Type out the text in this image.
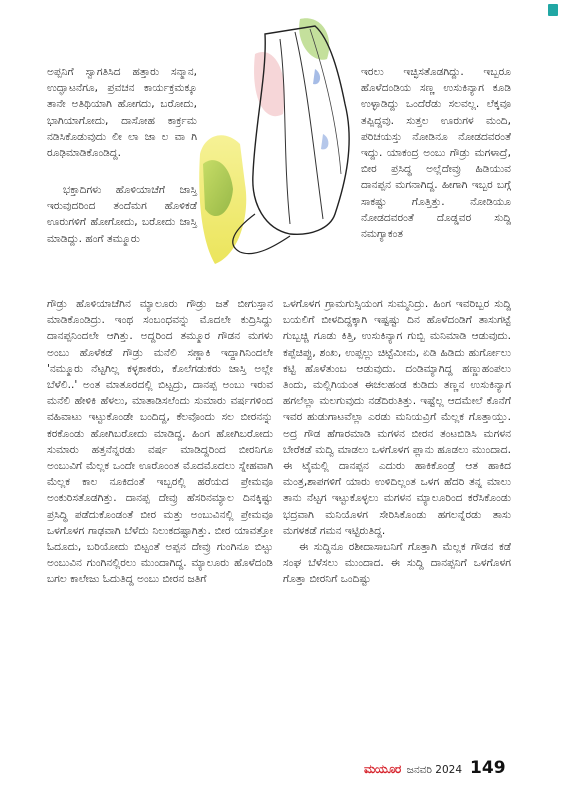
ಅಪ್ಪನಿಗೆ ಸ್ವಾಗತಿಸಿದ ಹತ್ತಾರು ಸನ್ಮಾನ, ಉದ್ಘಾಟನೆಗೂ, ಪ್ರವಚನ ಕಾರ್ಯಕ್ರಮಕ್ಕೂ ತಾನೇ ಅತಿಥಿಯಾಗಿ ಹೋಗದು, ಬರೋದು, ಭಾಗಿಯಾಗೋದು, ದಾಸೋಹ ಕಾರ್ಕ್ರಮ ನಡಿಸಿಕೊಡುವುದು ಲೀ ಲಾ ಜಾ ಲ ವಾ ಗಿ ರೂಢಿಮಾಡಿಕೊಂಡಿದ್ದ.

ಭಕ್ತಾದಿಗಳು ಹೊಳಿಯಾಚೆಗೆ ಜಾಸ್ತಿ ಇರುವುದರಿಂದ ತಂದೆಮಗ ಹೊಳಿಕಡೆ ಊರುಗಳಿಗೆ ಹೋಗೋದು, ಬರೋದು ಜಾಸ್ತಿ ಮಾಡಿದ್ದು. ಹಂಗೆ ತಮ್ಮೂರು

ಇರಲು ಇಚ್ಛಿಸತೊಡಗಿದ್ದು. ಇಬ್ಬರೂ ಹೊಳೆದಂಡಿಯ ಸಣ್ಣ ಉಸುಕಿನ್ಯಾಗ ಕೂಡಿ ಉಳ್ಳಾಡಿದ್ದು ಒಂದೆರೆಡು ಸಲವಲ್ಲ. ಲೆಕ್ಕವೂ ತಪ್ಪಿದ್ದವು. ಸುತ್ತಲ ಊರುಗಳ ಮಂದಿ, ಪರಿಚಯಸ್ತು ನೋಡಿನೂ ನೋಡದವರಂತೆ ಇದ್ದು. ಯಾಕಂದ್ರ ಅಂಬು ಗೌಡ್ರು ಮಗಳಾದ್ರೆ, ಬೀರ ಪ್ರಸಿದ್ಧ ಅಲ್ಲೆದೇವ್ರು ಹಿಡಿಯುವ ದಾನಪ್ಪನ ಮಗನಾಗಿದ್ದ. ಹೀಗಾಗಿ ಇಬ್ಬರ ಬಗ್ಗೆ ಸಾಕಷ್ಟು ಗೊತ್ತಿತ್ತು. ನೋಡಿಯೂ ನೋಡದವರಂತೆ ದೊಡ್ಡವರ ಸುದ್ದಿ ನಮಗ್ಯಾಕಂತ

ಗೌಡ್ರು ಹೊಳಿಯಾಚೆಗಿನ ಮ್ಯಾಲೂರು ಗೌಡ್ರು ಜತೆ ಬೀಗುಸ್ತಾನ ಮಾಡಿಕೊಂಡಿದ್ರು. ಇಂಥ ಸಂಬಂಧವನ್ನು ಮೊದಲೇ ಕುದ್ರಿಸಿದ್ದು ದಾನಪ್ಪನಿಂದಲೇ ಆಗಿತ್ತು. ಅದ್ದರಿಂದ ತಮ್ಮೂರ ಗೌಡನ ಮಗಳು ಅಂಬು ಹೊಳೆಕಡೆ ಗೌಡ್ರು ಮನೆಲಿ ಸಣ್ಣಾಕಿ ಇದ್ದಾಗಿನಿಂದಲೇ 'ನಮ್ಮೂರು ನೆಟ್ಟಗಿಲ್ಲ ಕಳ್ಳಕಾಕರು, ಕೊಲೆಗಡುಕರು ಜಾಸ್ತಿ ಅಲ್ಲೇ ಬೆಳೆಲಿ..' ಅಂತ ಮಾತೂರದಲ್ಲಿ ಬಿಟ್ಟದ್ರು, ದಾನಪ್ಪ ಅಂಬು ಇರುವ ಮನೆಲಿ ಹೇಳಿಕಿ ಹೆಳಲು, ಮಾತಾಡಿಸಲೆಂದು ಸುಮಾರು ವರ್ಷಗಳಿಂದ ವಹಿವಾಟು ಇಟ್ಟುಕೊಂಡೇ ಬಂದಿದ್ದ, ಕೆಲವೊಂದು ಸಲ ಬೀರನನ್ನು ಕರಕೊಂಡು ಹೋಗಿಬರೋದು ಮಾಡಿದ್ದ. ಹಿಂಗ ಹೋಗಿಬರೋದು ಸುಮಾರು ಹತ್ತನೆನ್ನರಡು ವರ್ಷ ಮಾಡಿದ್ದರಿಂದ ಬೀರನಿಗೂ ಅಂಬುವಿಗೆ ಮೆಲ್ಲಕ ಒಂದೇ ಊರೊಂಂತ ಮೊದಮೊದಲು ಸ್ನೇಹವಾಗಿ ಮೆಲ್ಲಕ ಕಾಲ ನೂಕಿದಂತೆ ಇಬ್ಬರಲ್ಲಿ ಹರೆಯದ ಪ್ರೇಮವೂ ಅಂಕುರಿಸತೊಡಗಿತ್ತು. ದಾನಪ್ಪ ದೇವ್ರು ಹೆಸರಿನಮ್ಯಾಲ ದಿನಕ್ಕಿಷ್ಟು ಪ್ರಸಿದ್ಧಿ ಪಡೆದುಕೊಂಡಂತೆ ಬೀರ ಮತ್ತು ಅಂಬುವಿನಲ್ಲಿ ಪ್ರೇಮವೂ ಒಳಗೊಳಗ ಗಾಢವಾಗಿ ಬೆಳೆದು ನಿಲುಕದಷ್ಟಾಗಿತ್ತು. ಬೀರ ಯಾವತ್ತೋ ಓದೂದು, ಬರಿಯೋದು ಬಿಟ್ಟಂತೆ ಅಪ್ಪನ ದೇವ್ರು ಗುಂಗಿನೂ ಬಿಟ್ಟು ಅಂಬುವಿನ ಗುಂಗಿನಲ್ಲಿರಲು ಮುಂದಾಗಿದ್ದ. ಮ್ಯಾಲೂರು ಹೊಳೆದಂಡಿ ಬಗಲ ಕಾಲೇಜು ಓದುತಿದ್ದ ಅಂಬು ಬೀರನ ಜತಿಗೆ

ಒಳಗೊಳಗ ಗ್ರಾಮಗುಸ್ಸಿಯಂಗ ಸುಮ್ಮನಿದ್ರು. ಹಿಂಗ ಇವರಿಬ್ಬರ ಸುದ್ದಿ ಬಯಲಿಗೆ ಬೀಳದಿದ್ದಕ್ಕಾಗಿ ಇಷ್ಟಷ್ಟು ದಿನ ಹೊಳೆದಂಡಿಗೆ ತಾಸುಗಟ್ಟೆ ಗುಬ್ಬಚ್ಚಿ ಗೂಡು ಕಿತ್ತಿ, ಉಸುಕಿನ್ಯಾಗ ಗುಬ್ಬಿ ಮನಿಮಾಡಿ ಆಡುವುದು. ಕಪ್ಪೆಚಿಪ್ಪು, ಶಂಖ, ಉಪ್ಪಲ್ಲು ಚಿಟ್ಟೆಮೀನು, ಏಡಿ ಹಿಡಿದು ಹುರ್ಗೋಲು ಕಟ್ಟಿ ಹೊಳೆತುಂಬ ಆಡುವುದು. ದಂಡಿಮ್ಯಾಗಿದ್ದ ಹಣ್ಣುಹಂಪಲು ತಿಂದು, ಮಲ್ಲಿಗಿಯಂತ ಈಚಲಹಂಡ ಕುಡಿದು ತಣ್ಣನ ಉಸುಕಿನ್ಯಾಗ ಹಗಲೆಲ್ಲಾ ಮಲಗುವುದು ನಡೆದಿರುತಿತ್ತು. ಇಷ್ಟೆಲ್ಲ ಆದಮೇಲೆ ಕೊನೆಗೆ ಇವರ ಹುಡುಗಾಟವೆಲ್ಲಾ ಎರಡು ಮನಿಯವ್ರಿಗೆ ಮೆಲ್ಲಕ ಗೊತ್ತಾಯ್ತು. ಅದ್ರ ಗೌಡ ಹೆಗಾರಮಾಡಿ ಮಗಳನ ಬೀರನ ತಂಟಬಿಡಿಸಿ ಮಗಳನ ಬೇರೆಕಡೆ ಮದ್ವಿ ಮಾಡಲು ಒಳಗೊಳಗ ಪ್ಲಾನು ಹೂಡಲು ಮುಂದಾದ. ಈ ಟೈಮಲ್ಲಿ ದಾನಪ್ಪನ ಎದುರು ಹಾಕಿಕೊಂಡ್ರೆ ಆತ ಹಾಕಿದ ಮಂತ್ರ,ಶಾಪಗಳಿಗೆ ಯಾರು ಉಳಿದಿಲ್ಲಂತ ಒಳಗ ಹೆದರಿ ತನ್ನ ಮಾಲು ತಾನು ನೆಟ್ಟಗ ಇಟ್ಟುಕೊಳ್ಳಲು ಮಗಳನ ಮ್ಯಾಲೂರಿಂದ ಕರೆಸಿಕೊಂಡು ಭದ್ರವಾಗಿ ಮನಿಯೊಳಗ ಸೇರಿಸಿಕೊಂಡು ಹಗಲನ್ನೆರಡು ತಾಸು ಮಗಳಕಡೆ ಗಮನ ಇಟ್ಟಿರುತಿದ್ದ.

ಈ ಸುದ್ದಿನೂ ರಶೀದಾಸಾಬನಿಗೆ ಗೊತ್ತಾಗಿ ಮೆಲ್ಲಕ ಗೌಡನ ಕಡೆ ಸಂಘ ಬೆಳೆಸಲು ಮುಂದಾದ. ಈ ಸುದ್ದಿ ದಾನಪ್ಪನಿಗೆ ಒಳಗೊಳಗ ಗೊತ್ತಾ ಬೀರನಿಗೆ ಒಂದಿಷ್ಟು

ಮಯೂರ ಜನವರಿ 2024 149
